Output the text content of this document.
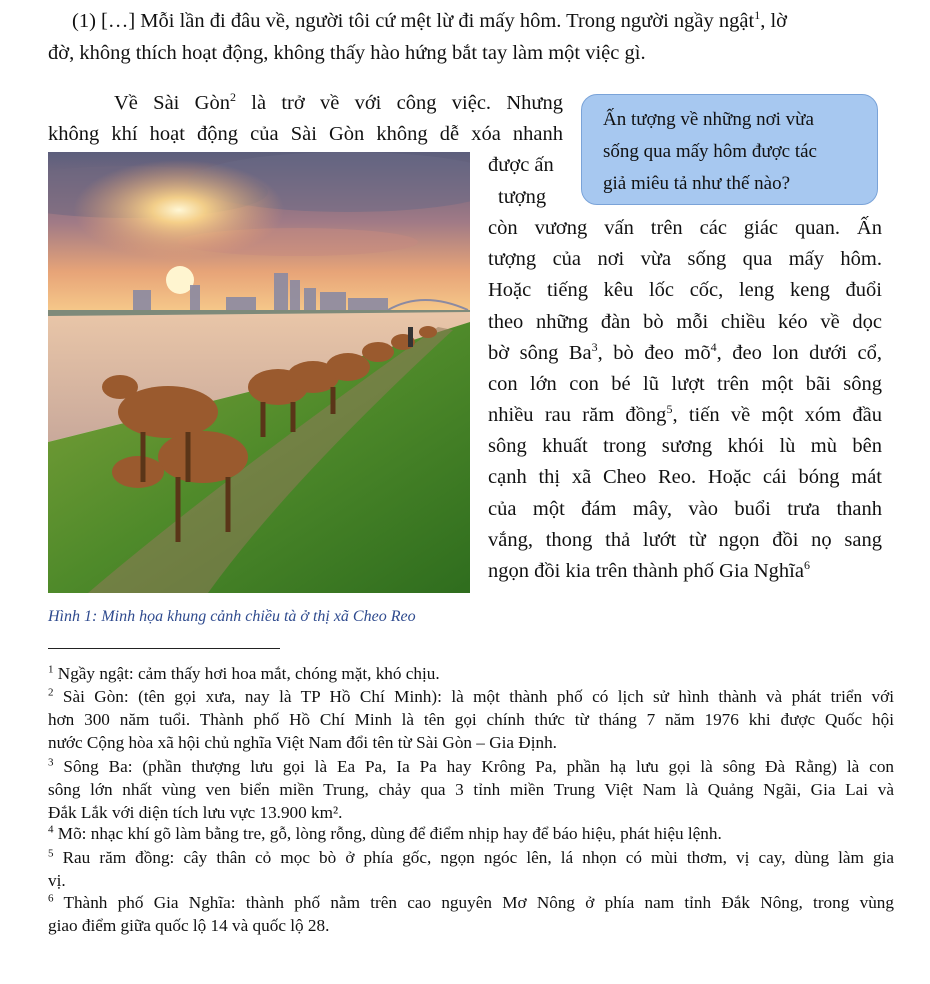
(1) […] Mỗi lần đi đâu về, người tôi cứ mệt lừ đi mấy hôm. Trong người ngầy ngật$^1$, lờ
đờ, không thích hoạt động, không thấy hào hứng bắt tay làm một việc gì.
Về Sài Gòn$^2$ là trở về với công việc. Nhưng
không khí hoạt động của Sài Gòn không dễ xóa nhanh
được ấn
tượng
Ấn tượng về những nơi vừa
sống qua mấy hôm được tác
giả miêu tả như thế nào?
còn vương vấn trên các giác quan. Ấn
tượng của nơi vừa sống qua mấy hôm.
Hoặc tiếng kêu lốc cốc, leng keng đuổi
theo những đàn bò mỗi chiều kéo về dọc
bờ sông Ba$^3$, bò đeo $mõ^4$, đeo lon dưới cổ,
con lớn con bé lũ lượt trên một bãi sông
nhiều rau răm đồng$^5$, tiến về một xóm đầu
sông khuất trong sương khói lù mù bên
cạnh thị xã Cheo Reo. Hoặc cái bóng mát
của một đám mây, vào buổi trưa thanh
vắng, thong thả lướt từ ngọn đồi nọ sang
ngọn đồi kia trên thành phố Gia Nghĩa$^6$
Hình 1: Minh họa khung cảnh chiều tà ở thị xã Cheo Reo
$^1$ Ngầy ngật: cảm thấy hơi hoa mắt, chóng mặt, khó chịu.
$^2$ Sài Gòn: (tên gọi xưa, nay là TP Hồ Chí Minh): là một thành phố có lịch sử hình thành và phát triển với
hơn 300 năm tuổi. Thành phố Hồ Chí Minh là tên gọi chính thức từ tháng 7 năm 1976 khi được Quốc hội
nước Cộng hòa xã hội chủ nghĩa Việt Nam đổi tên từ Sài Gòn – Gia Định.
$^3$ Sông Ba: (phần thượng lưu gọi là Ea Pa, Ia Pa hay Krông Pa, phần hạ lưu gọi là sông Đà Rằng) là con
sông lớn nhất vùng ven biển miền Trung, chảy qua 3 tỉnh miền Trung Việt Nam là Quảng Ngãi, Gia Lai và
Đắk Lắk với diện tích lưu vực 13.900 km².
$^4$ Mõ: nhạc khí gõ làm bằng tre, gỗ, lòng rỗng, dùng để điểm nhịp hay để báo hiệu, phát hiệu lệnh.
$^5$ Rau răm đồng: cây thân cỏ mọc bò ở phía gốc, ngọn ngóc lên, lá nhọn có mùi thơm, vị cay, dùng làm gia
vị.
$^6$ Thành phố Gia Nghĩa: thành phố nằm trên cao nguyên Mơ Nông ở phía nam tỉnh Đắk Nông, trong vùng
giao điểm giữa quốc lộ 14 và quốc lộ 28.
